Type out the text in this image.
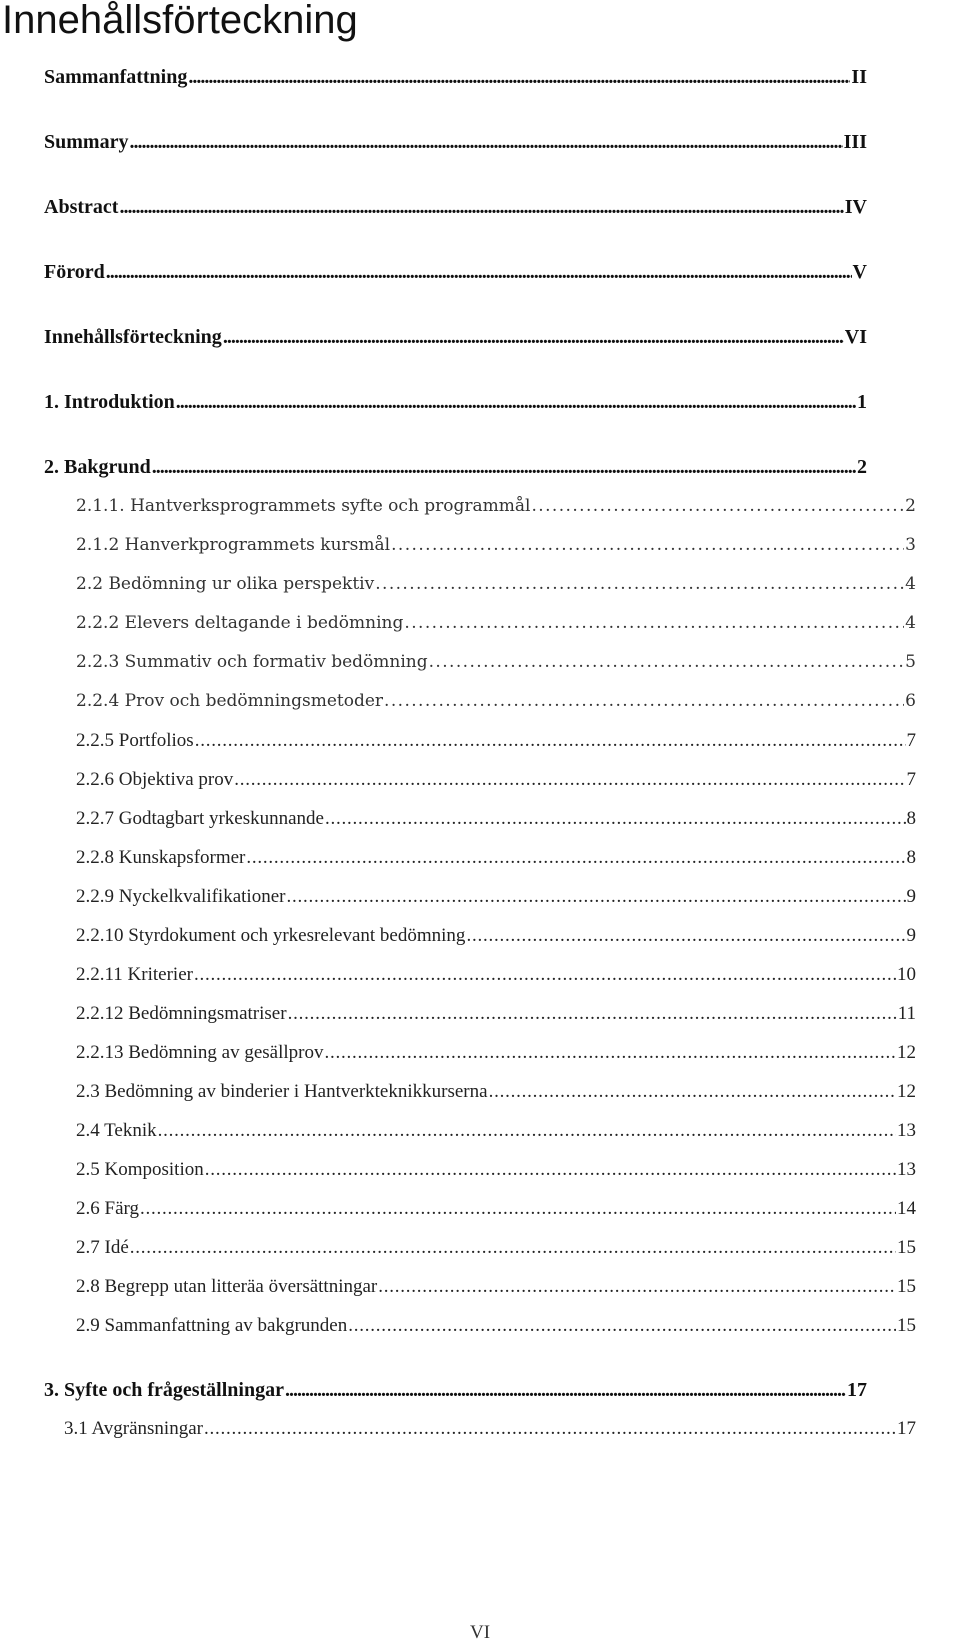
Innehållsförteckning
Sammanfattning . . .	II
Summary . . .	III
Abstract . . .	IV
Förord . . .	V
Innehållsförteckning . . .	VI
1. Introduktion . . .	1
2. Bakgrund . . .	2
2.1.1. Hantverksprogrammets syfte och programmål . . .	2
2.1.2 Hanverkprogrammets kursmål . . .	3
2.2 Bedömning ur olika perspektiv . . .	4
2.2.2 Elevers deltagande i bedömning . . .	4
2.2.3 Summativ och formativ bedömning . . .	5
2.2.4 Prov och bedömningsmetoder . . .	6
2.2.5 Portfolios . . .	7
2.2.6 Objektiva prov . . .	7
2.2.7 Godtagbart yrkeskunnande . . .	8
2.2.8 Kunskapsformer . . .	8
2.2.9 Nyckelkvalifikationer . . .	9
2.2.10 Styrdokument och yrkesrelevant bedömning . . .	9
2.2.11 Kriterier . . .	10
2.2.12 Bedömningsmatriser . . .	11
2.2.13 Bedömning av gesällprov . . .	12
2.3 Bedömning av binderier i Hantverkteknikkurserna . . .	12
2.4 Teknik . . .	13
2.5 Komposition . . .	13
2.6 Färg . . .	14
2.7 Idé . . .	15
2.8 Begrepp utan litteräa översättningar . . .	15
2.9 Sammanfattning av bakgrunden . . .	15
3. Syfte och frågeställningar . . .	17
3.1 Avgränsningar . . .	17
VI
